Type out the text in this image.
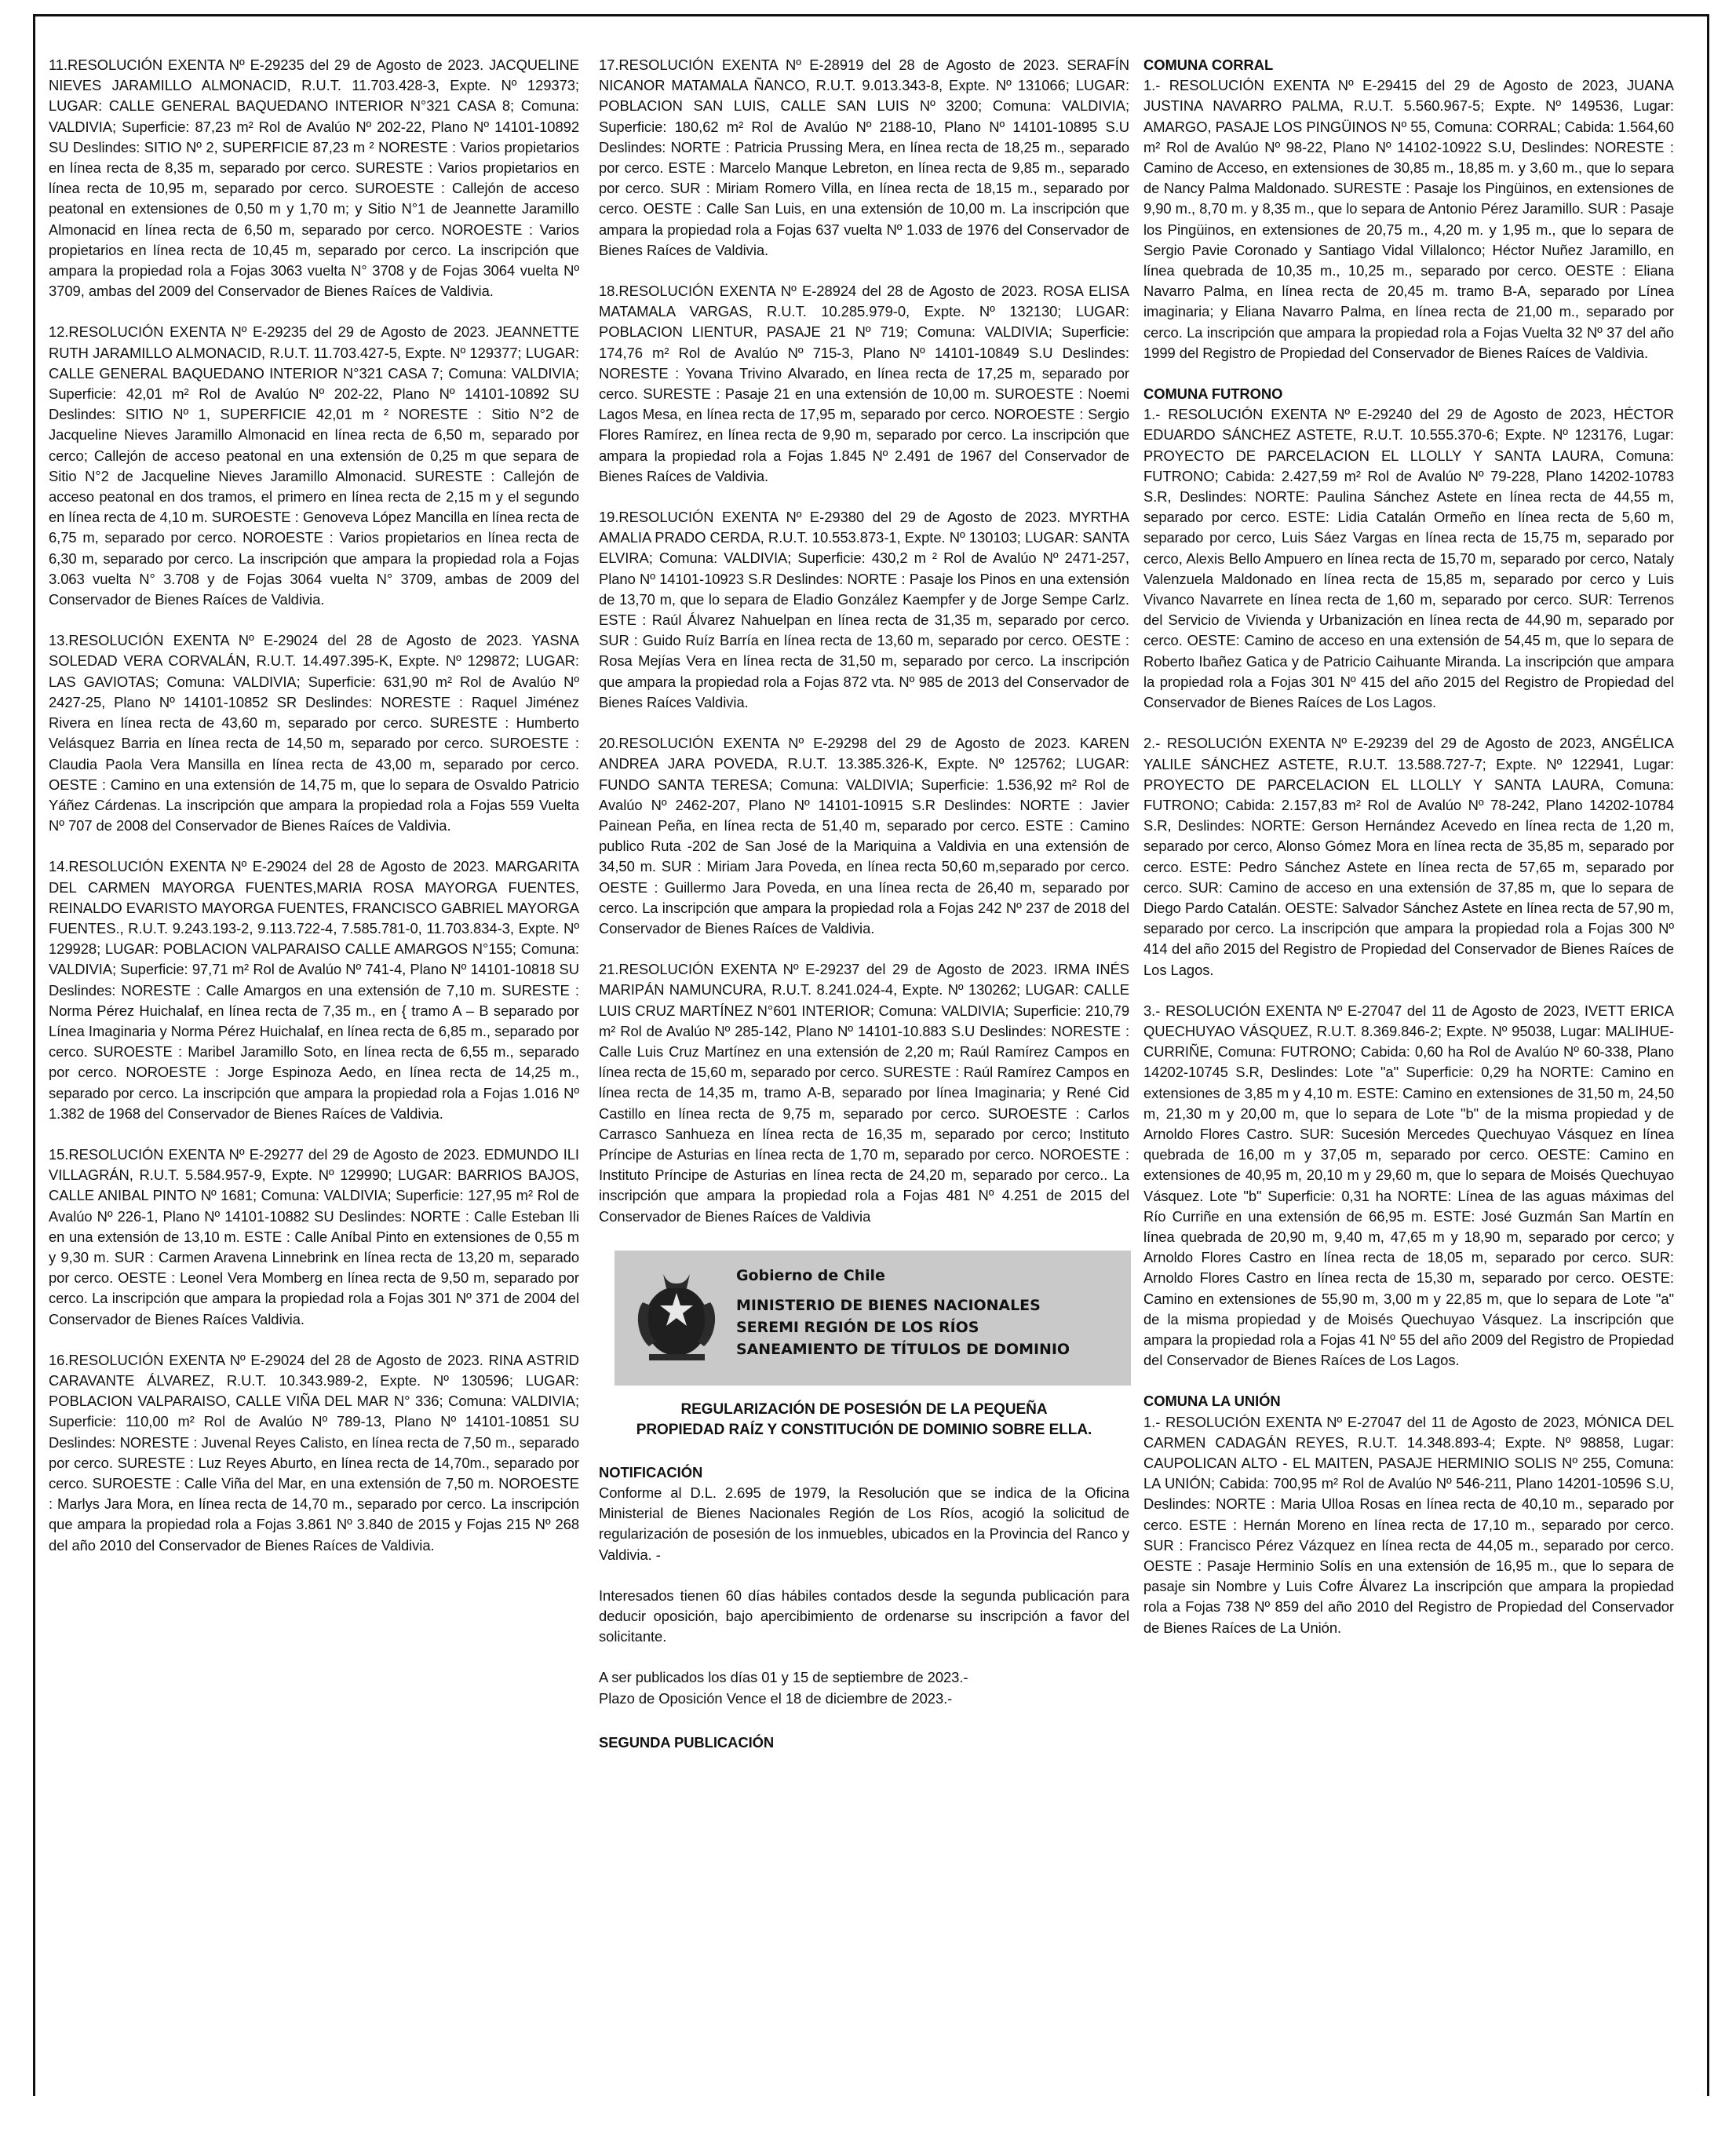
11.RESOLUCIÓN EXENTA Nº E-29235 del 29 de Agosto de 2023. JACQUELINE NIEVES JARAMILLO ALMONACID, R.U.T. 11.703.428-3, Expte. Nº 129373; LUGAR: CALLE GENERAL BAQUEDANO INTERIOR N°321 CASA 8; Comuna: VALDIVIA; Superficie: 87,23 m² Rol de Avalúo Nº 202-22, Plano Nº 14101-10892 SU Deslindes: SITIO Nº 2, SUPERFICIE 87,23 m ² NORESTE : Varios propietarios en línea recta de 8,35 m, separado por cerco. SURESTE : Varios propietarios en línea recta de 10,95 m, separado por cerco. SUROESTE : Callejón de acceso peatonal en extensiones de 0,50 m y 1,70 m; y Sitio N°1 de Jeannette Jaramillo Almonacid en línea recta de 6,50 m, separado por cerco. NOROESTE : Varios propietarios en línea recta de 10,45 m, separado por cerco. La inscripción que ampara la propiedad rola a Fojas 3063 vuelta N° 3708 y de Fojas 3064 vuelta Nº 3709, ambas del 2009 del Conservador de Bienes Raíces de Valdivia.

12.RESOLUCIÓN EXENTA Nº E-29235 del 29 de Agosto de 2023. JEANNETTE RUTH JARAMILLO ALMONACID, R.U.T. 11.703.427-5, Expte. Nº 129377; LUGAR: CALLE GENERAL BAQUEDANO INTERIOR N°321 CASA 7; Comuna: VALDIVIA; Superficie: 42,01 m² Rol de Avalúo Nº 202-22, Plano Nº 14101-10892 SU Deslindes: SITIO Nº 1, SUPERFICIE 42,01 m ² NORESTE : Sitio N°2 de Jacqueline Nieves Jaramillo Almonacid en línea recta de 6,50 m, separado por cerco; Callejón de acceso peatonal en una extensión de 0,25 m que separa de Sitio N°2 de Jacqueline Nieves Jaramillo Almonacid. SURESTE : Callejón de acceso peatonal en dos tramos, el primero en línea recta de 2,15 m y el segundo en línea recta de 4,10 m. SUROESTE : Genoveva López Mancilla en línea recta de 6,75 m, separado por cerco. NOROESTE : Varios propietarios en línea recta de 6,30 m, separado por cerco. La inscripción que ampara la propiedad rola a Fojas 3.063 vuelta N° 3.708 y de Fojas 3064 vuelta N° 3709, ambas de 2009 del Conservador de Bienes Raíces de Valdivia.

13.RESOLUCIÓN EXENTA Nº E-29024 del 28 de Agosto de 2023. YASNA SOLEDAD VERA CORVALÁN, R.U.T. 14.497.395-K, Expte. Nº 129872; LUGAR: LAS GAVIOTAS; Comuna: VALDIVIA; Superficie: 631,90 m² Rol de Avalúo Nº 2427-25, Plano Nº 14101-10852 SR Deslindes: NORESTE : Raquel Jiménez Rivera en línea recta de 43,60 m, separado por cerco. SURESTE : Humberto Velásquez Barria en línea recta de 14,50 m, separado por cerco. SUROESTE : Claudia Paola Vera Mansilla en línea recta de 43,00 m, separado por cerco. OESTE : Camino en una extensión de 14,75 m, que lo separa de Osvaldo Patricio Yáñez Cárdenas. La inscripción que ampara la propiedad rola a Fojas 559 Vuelta Nº 707 de 2008 del Conservador de Bienes Raíces de Valdivia.

14.RESOLUCIÓN EXENTA Nº E-29024 del 28 de Agosto de 2023. MARGARITA DEL CARMEN MAYORGA FUENTES,MARIA ROSA MAYORGA FUENTES, REINALDO EVARISTO MAYORGA FUENTES, FRANCISCO GABRIEL MAYORGA FUENTES., R.U.T. 9.243.193-2, 9.113.722-4, 7.585.781-0, 11.703.834-3, Expte. Nº 129928; LUGAR: POBLACION VALPARAISO CALLE AMARGOS N°155; Comuna: VALDIVIA; Superficie: 97,71 m² Rol de Avalúo Nº 741-4, Plano Nº 14101-10818 SU Deslindes: NORESTE : Calle Amargos en una extensión de 7,10 m. SURESTE : Norma Pérez Huichalaf, en línea recta de 7,35 m., en { tramo A – B separado por Línea Imaginaria y Norma Pérez Huichalaf, en línea recta de 6,85 m., separado por cerco. SUROESTE : Maribel Jaramillo Soto, en línea recta de 6,55 m., separado por cerco. NOROESTE : Jorge Espinoza Aedo, en línea recta de 14,25 m., separado por cerco. La inscripción que ampara la propiedad rola a Fojas 1.016 Nº 1.382 de 1968 del Conservador de Bienes Raíces de Valdivia.

15.RESOLUCIÓN EXENTA Nº E-29277 del 29 de Agosto de 2023. EDMUNDO ILI VILLAGRÁN, R.U.T. 5.584.957-9, Expte. Nº 129990; LUGAR: BARRIOS BAJOS, CALLE ANIBAL PINTO Nº 1681; Comuna: VALDIVIA; Superficie: 127,95 m² Rol de Avalúo Nº 226-1, Plano Nº 14101-10882 SU Deslindes: NORTE : Calle Esteban Ili en una extensión de 13,10 m. ESTE : Calle Aníbal Pinto en extensiones de 0,55 m y 9,30 m. SUR : Carmen Aravena Linnebrink en línea recta de 13,20 m, separado por cerco. OESTE : Leonel Vera Momberg en línea recta de 9,50 m, separado por cerco. La inscripción que ampara la propiedad rola a Fojas 301 Nº 371 de 2004 del Conservador de Bienes Raíces Valdivia.

16.RESOLUCIÓN EXENTA Nº E-29024 del 28 de Agosto de 2023. RINA ASTRID CARAVANTE ÁLVAREZ, R.U.T. 10.343.989-2, Expte. Nº 130596; LUGAR: POBLACION VALPARAISO, CALLE VIÑA DEL MAR N° 336; Comuna: VALDIVIA; Superficie: 110,00 m² Rol de Avalúo Nº 789-13, Plano Nº 14101-10851 SU Deslindes: NORESTE : Juvenal Reyes Calisto, en línea recta de 7,50 m., separado por cerco. SURESTE : Luz Reyes Aburto, en línea recta de 14,70m., separado por cerco. SUROESTE : Calle Viña del Mar, en una extensión de 7,50 m. NOROESTE : Marlys Jara Mora, en línea recta de 14,70 m., separado por cerco. La inscripción que ampara la propiedad rola a Fojas 3.861 Nº 3.840 de 2015 y Fojas 215 Nº 268 del año 2010 del Conservador de Bienes Raíces de Valdivia.

17.RESOLUCIÓN EXENTA Nº E-28919 del 28 de Agosto de 2023. SERAFÍN NICANOR MATAMALA ÑANCO, R.U.T. 9.013.343-8, Expte. Nº 131066; LUGAR: POBLACION SAN LUIS, CALLE SAN LUIS Nº 3200; Comuna: VALDIVIA; Superficie: 180,62 m² Rol de Avalúo Nº 2188-10, Plano Nº 14101-10895 S.U Deslindes: NORTE : Patricia Prussing Mera, en línea recta de 18,25 m., separado por cerco. ESTE : Marcelo Manque Lebreton, en línea recta de 9,85 m., separado por cerco. SUR : Miriam Romero Villa, en línea recta de 18,15 m., separado por cerco. OESTE : Calle San Luis, en una extensión de 10,00 m. La inscripción que ampara la propiedad rola a Fojas 637 vuelta Nº 1.033 de 1976 del Conservador de Bienes Raíces de Valdivia.

18.RESOLUCIÓN EXENTA Nº E-28924 del 28 de Agosto de 2023. ROSA ELISA MATAMALA VARGAS, R.U.T. 10.285.979-0, Expte. Nº 132130; LUGAR: POBLACION LIENTUR, PASAJE 21 Nº 719; Comuna: VALDIVIA; Superficie: 174,76 m² Rol de Avalúo Nº 715-3, Plano Nº 14101-10849 S.U Deslindes: NORESTE : Yovana Trivino Alvarado, en línea recta de 17,25 m, separado por cerco. SURESTE : Pasaje 21 en una extensión de 10,00 m. SUROESTE : Noemi Lagos Mesa, en línea recta de 17,95 m, separado por cerco. NOROESTE : Sergio Flores Ramírez, en línea recta de 9,90 m, separado por cerco. La inscripción que ampara la propiedad rola a Fojas 1.845 Nº 2.491 de 1967 del Conservador de Bienes Raíces de Valdivia.

19.RESOLUCIÓN EXENTA Nº E-29380 del 29 de Agosto de 2023. MYRTHA AMALIA PRADO CERDA, R.U.T. 10.553.873-1, Expte. Nº 130103; LUGAR: SANTA ELVIRA; Comuna: VALDIVIA; Superficie: 430,2 m ² Rol de Avalúo Nº 2471-257, Plano Nº 14101-10923 S.R Deslindes: NORTE : Pasaje los Pinos en una extensión de 13,70 m, que lo separa de Eladio González Kaempfer y de Jorge Sempe Carlz. ESTE : Raúl Álvarez Nahuelpan en línea recta de 31,35 m, separado por cerco. SUR : Guido Ruíz Barría en línea recta de 13,60 m, separado por cerco. OESTE : Rosa Mejías Vera en línea recta de 31,50 m, separado por cerco. La inscripción que ampara la propiedad rola a Fojas 872 vta. Nº 985 de 2013 del Conservador de Bienes Raíces Valdivia.

20.RESOLUCIÓN EXENTA Nº E-29298 del 29 de Agosto de 2023. KAREN ANDREA JARA POVEDA, R.U.T. 13.385.326-K, Expte. Nº 125762; LUGAR: FUNDO SANTA TERESA; Comuna: VALDIVIA; Superficie: 1.536,92 m² Rol de Avalúo Nº 2462-207, Plano Nº 14101-10915 S.R Deslindes: NORTE : Javier Painean Peña, en línea recta de 51,40 m, separado por cerco. ESTE : Camino publico Ruta -202 de San José de la Mariquina a Valdivia en una extensión de 34,50 m. SUR : Miriam Jara Poveda, en línea recta 50,60 m,separado por cerco. OESTE : Guillermo Jara Poveda, en una línea recta de 26,40 m, separado por cerco. La inscripción que ampara la propiedad rola a Fojas 242 Nº 237 de 2018 del Conservador de Bienes Raíces de Valdivia.

21.RESOLUCIÓN EXENTA Nº E-29237 del 29 de Agosto de 2023. IRMA INÉS MARIPÁN NAMUNCURA, R.U.T. 8.241.024-4, Expte. Nº 130262; LUGAR: CALLE LUIS CRUZ MARTÍNEZ N°601 INTERIOR; Comuna: VALDIVIA; Superficie: 210,79 m² Rol de Avalúo Nº 285-142, Plano Nº 14101-10.883 S.U Deslindes: NORESTE : Calle Luis Cruz Martínez en una extensión de 2,20 m; Raúl Ramírez Campos en línea recta de 15,60 m, separado por cerco. SURESTE : Raúl Ramírez Campos en línea recta de 14,35 m, tramo A-B, separado por línea Imaginaria; y René Cid Castillo en línea recta de 9,75 m, separado por cerco. SUROESTE : Carlos Carrasco Sanhueza en línea recta de 16,35 m, separado por cerco; Instituto Príncipe de Asturias en línea recta de 1,70 m, separado por cerco. NOROESTE : Instituto Príncipe de Asturias en línea recta de 24,20 m, separado por cerco.. La inscripción que ampara la propiedad rola a Fojas 481 Nº 4.251 de 2015 del Conservador de Bienes Raíces de Valdivia

Gobierno de Chile
MINISTERIO DE BIENES NACIONALES
SEREMI REGIÓN DE LOS RÍOS
SANEAMIENTO DE TÍTULOS DE DOMINIO
REGULARIZACIÓN DE POSESIÓN DE LA PEQUEÑA
PROPIEDAD RAÍZ Y CONSTITUCIÓN DE DOMINIO SOBRE ELLA.
NOTIFICACIÓN

Conforme al D.L. 2.695 de 1979, la Resolución que se indica de la Oficina Ministerial de Bienes Nacionales Región de Los Ríos, acogió la solicitud de regularización de posesión de los inmuebles, ubicados en la Provincia del Ranco y Valdivia. -

Interesados tienen 60 días hábiles contados desde la segunda publicación para deducir oposición, bajo apercibimiento de ordenarse su inscripción a favor del solicitante.

A ser publicados los días 01 y 15 de septiembre de 2023.-
Plazo de Oposición Vence el 18 de diciembre de 2023.-
SEGUNDA PUBLICACIÓN
COMUNA CORRAL

1.- RESOLUCIÓN EXENTA Nº E-29415 del 29 de Agosto de 2023, JUANA JUSTINA NAVARRO PALMA, R.U.T. 5.560.967-5; Expte. Nº 149536, Lugar: AMARGO, PASAJE LOS PINGÜINOS Nº 55, Comuna: CORRAL; Cabida: 1.564,60 m² Rol de Avalúo Nº 98-22, Plano Nº 14102-10922 S.U, Deslindes: NORESTE : Camino de Acceso, en extensiones de 30,85 m., 18,85 m. y 3,60 m., que lo separa de Nancy Palma Maldonado. SURESTE : Pasaje los Pingüinos, en extensiones de 9,90 m., 8,70 m. y 8,35 m., que lo separa de Antonio Pérez Jaramillo. SUR : Pasaje los Pingüinos, en extensiones de 20,75 m., 4,20 m. y 1,95 m., que lo separa de Sergio Pavie Coronado y Santiago Vidal Villalonco; Héctor Nuñez Jaramillo, en línea quebrada de 10,35 m., 10,25 m., separado por cerco. OESTE : Eliana Navarro Palma, en línea recta de 20,45 m. tramo B-A, separado por Línea imaginaria; y Eliana Navarro Palma, en línea recta de 21,00 m., separado por cerco. La inscripción que ampara la propiedad rola a Fojas Vuelta 32 Nº 37 del año 1999 del Registro de Propiedad del Conservador de Bienes Raíces de Valdivia.

COMUNA FUTRONO

1.- RESOLUCIÓN EXENTA Nº E-29240 del 29 de Agosto de 2023, HÉCTOR EDUARDO SÁNCHEZ ASTETE, R.U.T. 10.555.370-6; Expte. Nº 123176, Lugar: PROYECTO DE PARCELACION EL LLOLLY Y SANTA LAURA, Comuna: FUTRONO; Cabida: 2.427,59 m² Rol de Avalúo Nº 79-228, Plano 14202-10783 S.R, Deslindes: NORTE: Paulina Sánchez Astete en línea recta de 44,55 m, separado por cerco. ESTE: Lidia Catalán Ormeño en línea recta de 5,60 m, separado por cerco, Luis Sáez Vargas en línea recta de 15,75 m, separado por cerco, Alexis Bello Ampuero en línea recta de 15,70 m, separado por cerco, Nataly Valenzuela Maldonado en línea recta de 15,85 m, separado por cerco y Luis Vivanco Navarrete en línea recta de 1,60 m, separado por cerco. SUR: Terrenos del Servicio de Vivienda y Urbanización en línea recta de 44,90 m, separado por cerco. OESTE: Camino de acceso en una extensión de 54,45 m, que lo separa de Roberto Ibañez Gatica y de Patricio Caihuante Miranda. La inscripción que ampara la propiedad rola a Fojas 301 Nº 415 del año 2015 del Registro de Propiedad del Conservador de Bienes Raíces de Los Lagos.

2.- RESOLUCIÓN EXENTA Nº E-29239 del 29 de Agosto de 2023, ANGÉLICA YALILE SÁNCHEZ ASTETE, R.U.T. 13.588.727-7; Expte. Nº 122941, Lugar: PROYECTO DE PARCELACION EL LLOLLY Y SANTA LAURA, Comuna: FUTRONO; Cabida: 2.157,83 m² Rol de Avalúo Nº 78-242, Plano 14202-10784 S.R, Deslindes: NORTE: Gerson Hernández Acevedo en línea recta de 1,20 m, separado por cerco, Alonso Gómez Mora en línea recta de 35,85 m, separado por cerco. ESTE: Pedro Sánchez Astete en línea recta de 57,65 m, separado por cerco. SUR: Camino de acceso en una extensión de 37,85 m, que lo separa de Diego Pardo Catalán. OESTE: Salvador Sánchez Astete en línea recta de 57,90 m, separado por cerco. La inscripción que ampara la propiedad rola a Fojas 300 Nº 414 del año 2015 del Registro de Propiedad del Conservador de Bienes Raíces de Los Lagos.

3.- RESOLUCIÓN EXENTA Nº E-27047 del 11 de Agosto de 2023, IVETT ERICA QUECHUYAO VÁSQUEZ, R.U.T. 8.369.846-2; Expte. Nº 95038, Lugar: MALIHUE-CURRIÑE, Comuna: FUTRONO; Cabida: 0,60 ha Rol de Avalúo Nº 60-338, Plano 14202-10745 S.R, Deslindes: Lote "a" Superficie: 0,29 ha NORTE: Camino en extensiones de 3,85 m y 4,10 m. ESTE: Camino en extensiones de 31,50 m, 24,50 m, 21,30 m y 20,00 m, que lo separa de Lote "b" de la misma propiedad y de Arnoldo Flores Castro. SUR: Sucesión Mercedes Quechuyao Vásquez en línea quebrada de 16,00 m y 37,05 m, separado por cerco. OESTE: Camino en extensiones de 40,95 m, 20,10 m y 29,60 m, que lo separa de Moisés Quechuyao Vásquez. Lote "b" Superficie: 0,31 ha NORTE: Línea de las aguas máximas del Río Curriñe en una extensión de 66,95 m. ESTE: José Guzmán San Martín en línea quebrada de 20,90 m, 9,40 m, 47,65 m y 18,90 m, separado por cerco; y Arnoldo Flores Castro en línea recta de 18,05 m, separado por cerco. SUR: Arnoldo Flores Castro en línea recta de 15,30 m, separado por cerco. OESTE: Camino en extensiones de 55,90 m, 3,00 m y 22,85 m, que lo separa de Lote "a" de la misma propiedad y de Moisés Quechuyao Vásquez. La inscripción que ampara la propiedad rola a Fojas 41 Nº 55 del año 2009 del Registro de Propiedad del Conservador de Bienes Raíces de Los Lagos.

COMUNA LA UNIÓN

1.- RESOLUCIÓN EXENTA Nº E-27047 del 11 de Agosto de 2023, MÓNICA DEL CARMEN CADAGÁN REYES, R.U.T. 14.348.893-4; Expte. Nº 98858, Lugar: CAUPOLICAN ALTO - EL MAITEN, PASAJE HERMINIO SOLIS Nº 255, Comuna: LA UNIÓN; Cabida: 700,95 m² Rol de Avalúo Nº 546-211, Plano 14201-10596 S.U, Deslindes: NORTE : Maria Ulloa Rosas en línea recta de 40,10 m., separado por cerco. ESTE : Hernán Moreno en línea recta de 17,10 m., separado por cerco. SUR : Francisco Pérez Vázquez en línea recta de 44,05 m., separado por cerco. OESTE : Pasaje Herminio Solís en una extensión de 16,95 m., que lo separa de pasaje sin Nombre y Luis Cofre Álvarez La inscripción que ampara la propiedad rola a Fojas 738 Nº 859 del año 2010 del Registro de Propiedad del Conservador de Bienes Raíces de La Unión.
